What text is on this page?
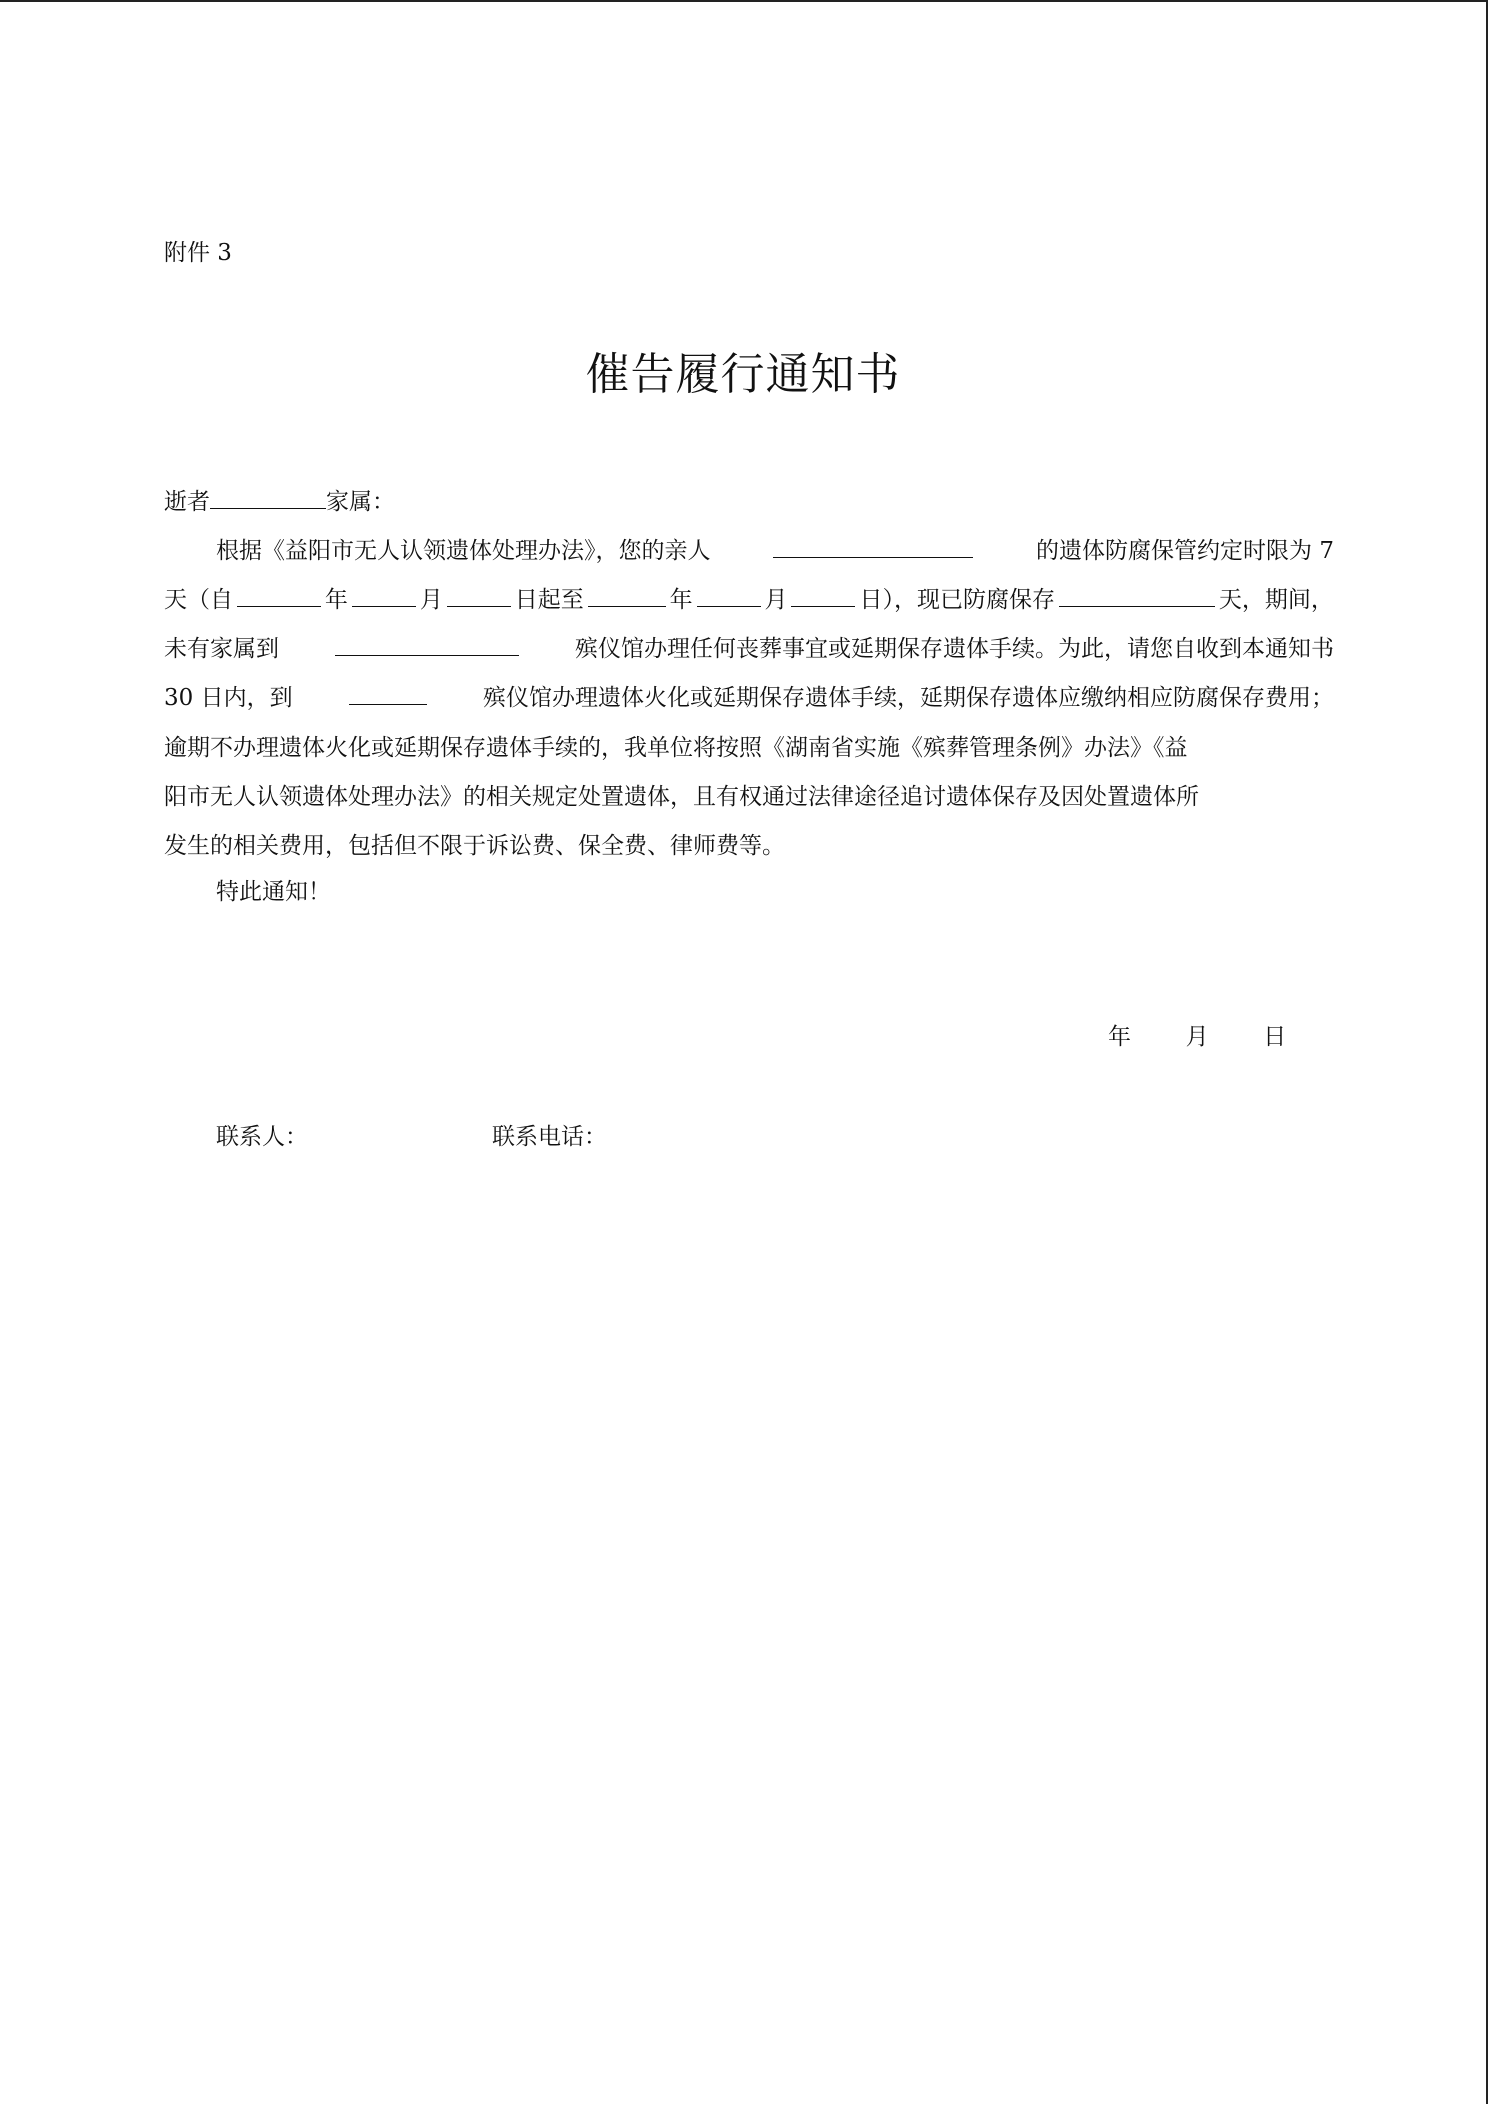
附件 3
催告履行通知书
逝者	家属：
根据《益阳市无人认领遗体处理办法》，您的亲人	的遗体防腐保管约定时限为 7
天（自	年	月	日起至	年	月	日），现已防腐保存	天，期间，
未有家属到	殡仪馆办理任何丧葬事宜或延期保存遗体手续。为此，请您自收到本通知书
30 日内，到	殡仪馆办理遗体火化或延期保存遗体手续，延期保存遗体应缴纳相应防腐保存费用；
逾期不办理遗体火化或延期保存遗体手续的，我单位将按照《湖南省实施《殡葬管理条例》办法》《益
阳市无人认领遗体处理办法》的相关规定处置遗体，且有权通过法律途径追讨遗体保存及因处置遗体所
发生的相关费用，包括但不限于诉讼费、保全费、律师费等。
特此通知！
年 月 日
联系人：	联系电话：
